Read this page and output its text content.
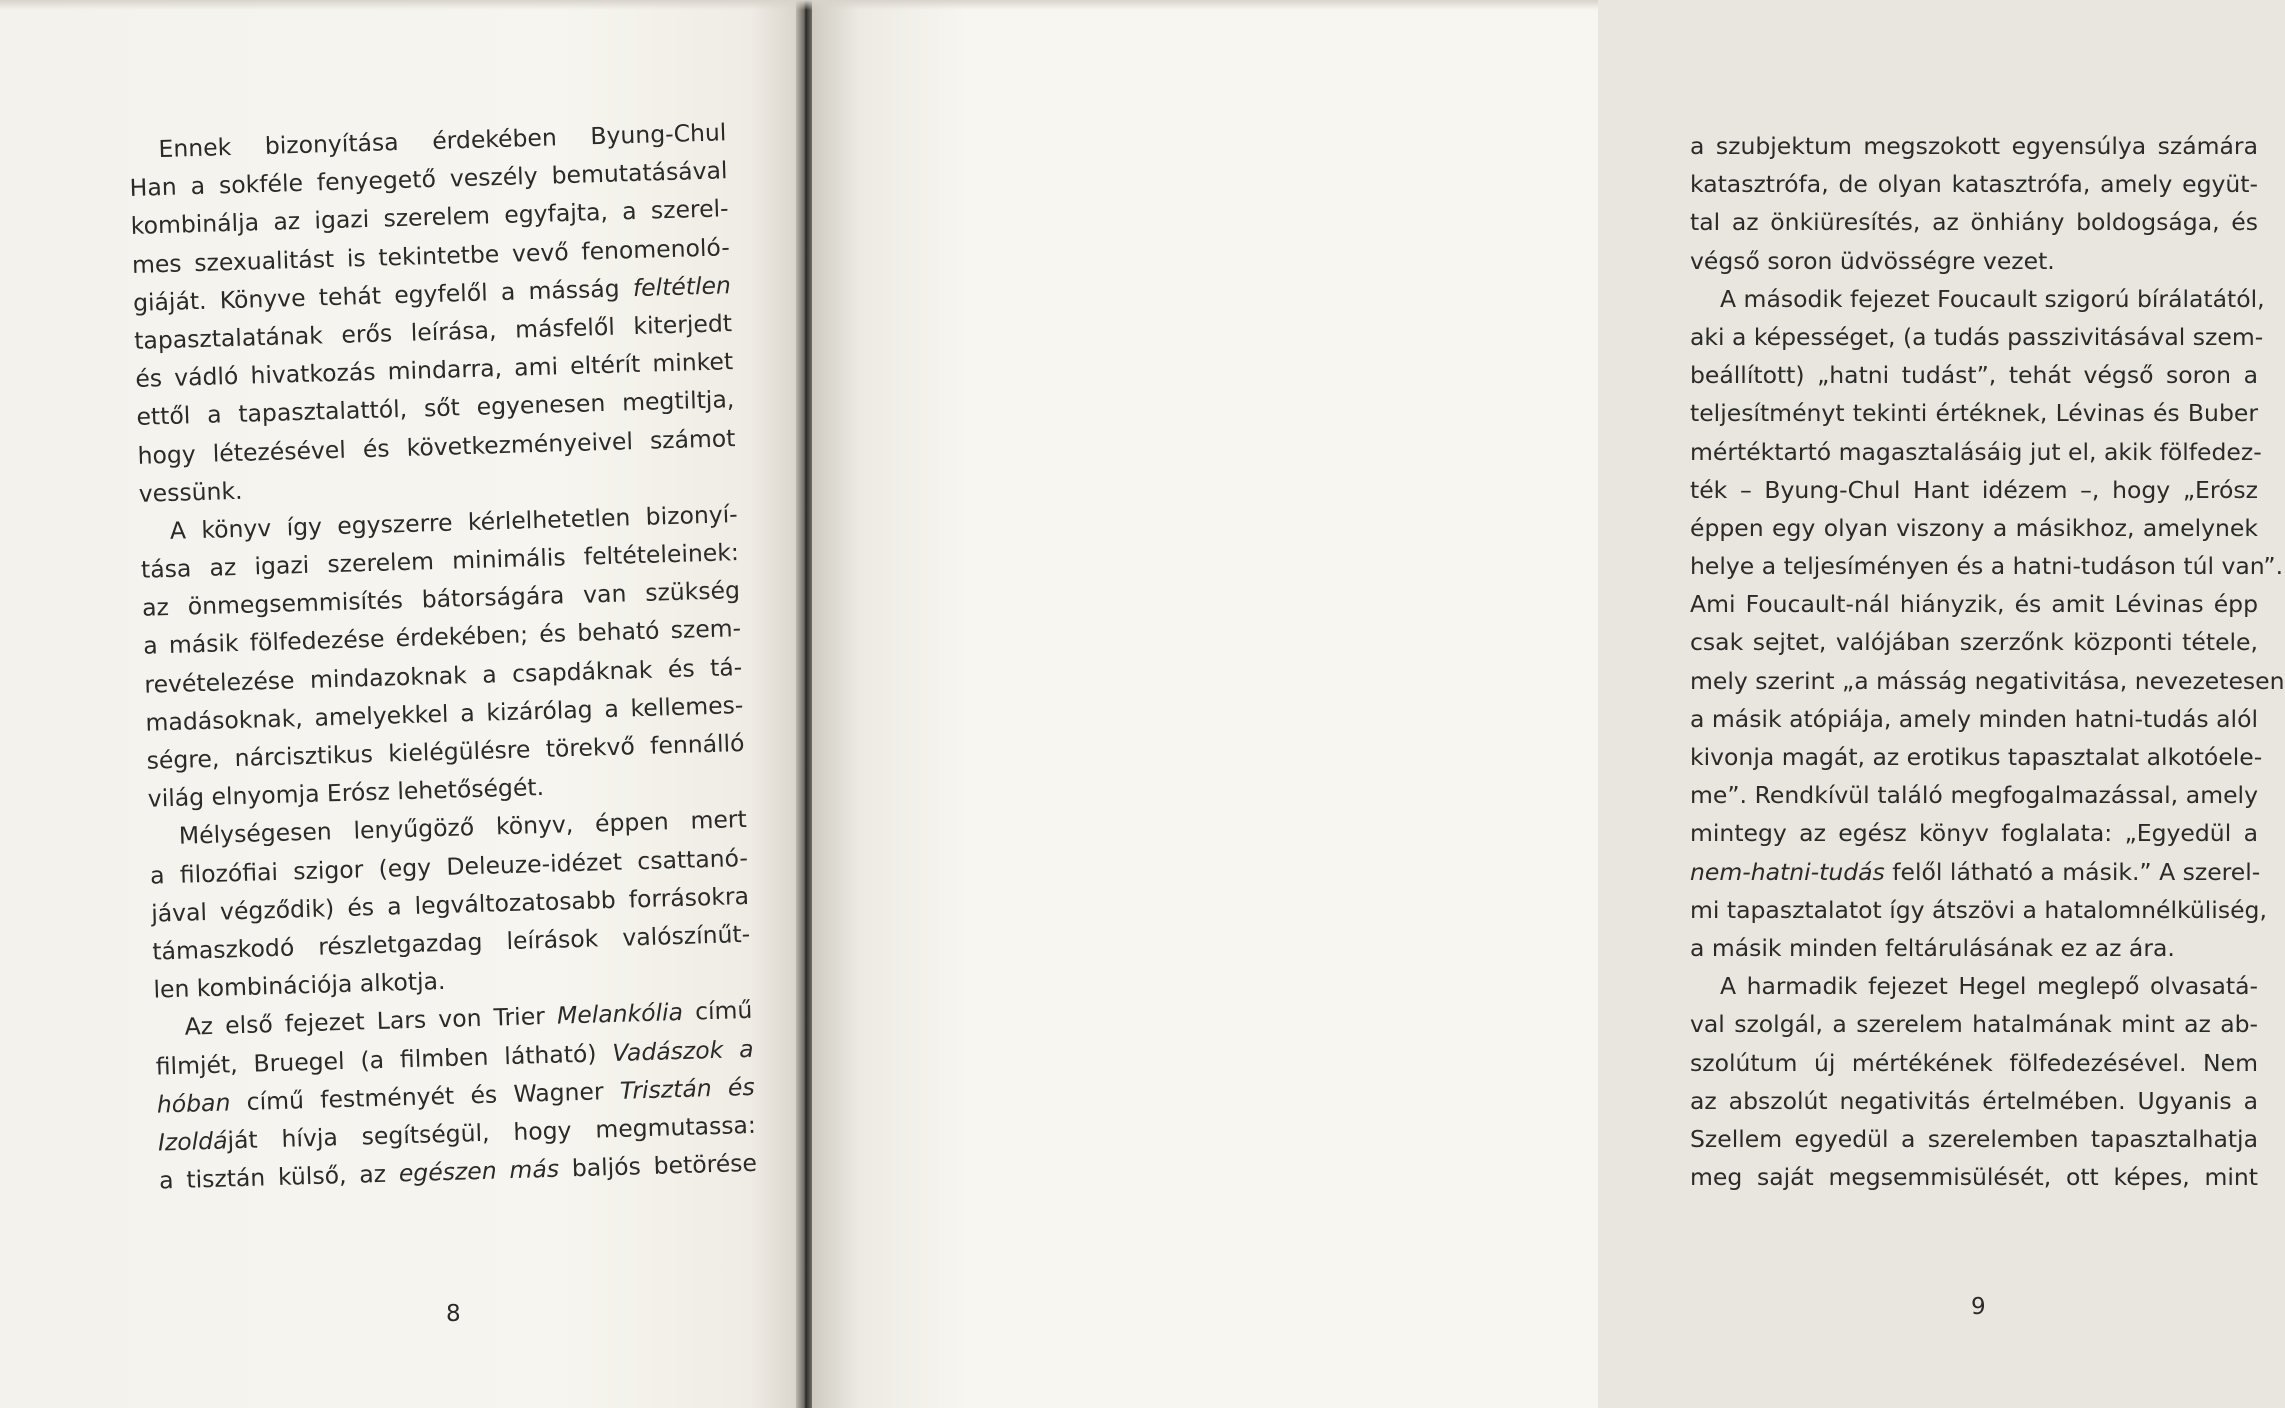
Ennek bizonyítása érdekében Byung-Chul
Han a sokféle fenyegető veszély bemutatásával
kombinálja az igazi szerelem egyfajta, a szerel-
mes szexualitást is tekintetbe vevő fenomenoló-
giáját. Könyve tehát egyfelől a másság feltétlen
tapasztalatának erős leírása, másfelől kiterjedt
és vádló hivatkozás mindarra, ami eltérít minket
ettől a tapasztalattól, sőt egyenesen megtiltja,
hogy létezésével és következményeivel számot
vessünk.
A könyv így egyszerre kérlelhetetlen bizonyí-
tása az igazi szerelem minimális feltételeinek:
az önmegsemmisítés bátorságára van szükség
a másik fölfedezése érdekében; és beható szem-
revételezése mindazoknak a csapdáknak és tá-
madásoknak, amelyekkel a kizárólag a kellemes-
ségre, nárcisztikus kielégülésre törekvő fennálló
világ elnyomja Erósz lehetőségét.
Mélységesen lenyűgöző könyv, éppen mert
a filozófiai szigor (egy Deleuze-idézet csattanó-
jával végződik) és a legváltozatosabb forrásokra
támaszkodó részletgazdag leírások valószínűt-
len kombinációja alkotja.
Az első fejezet Lars von Trier Melankólia című
filmjét, Bruegel (a filmben látható) Vadászok a
hóban című festményét és Wagner Trisztán és
Izoldáját hívja segítségül, hogy megmutassa:
a tisztán külső, az egészen más baljós betörése
8
a szubjektum megszokott egyensúlya számára
katasztrófa, de olyan katasztrófa, amely együt-
tal az önkiüresítés, az önhiány boldogsága, és
végső soron üdvösségre vezet.
A második fejezet Foucault szigorú bírálatától,
aki a képességet, (a tudás passzivitásával szem-
beállított) „hatni tudást”, tehát végső soron a
teljesítményt tekinti értéknek, Lévinas és Buber
mértéktartó magasztalásáig jut el, akik fölfedez-
ték – Byung-Chul Hant idézem –, hogy „Erósz
éppen egy olyan viszony a másikhoz, amelynek
helye a teljesíményen és a hatni-tudáson túl van”.
Ami Foucault-nál hiányzik, és amit Lévinas épp
csak sejtet, valójában szerzőnk központi tétele,
mely szerint „a másság negativitása, nevezetesen
a másik atópiája, amely minden hatni-tudás alól
kivonja magát, az erotikus tapasztalat alkotóele-
me”. Rendkívül találó megfogalmazással, amely
mintegy az egész könyv foglalata: „Egyedül a
nem-hatni-tudás felől látható a másik.” A szerel-
mi tapasztalatot így átszövi a hatalomnélküliség,
a másik minden feltárulásának ez az ára.
A harmadik fejezet Hegel meglepő olvasatá-
val szolgál, a szerelem hatalmának mint az ab-
szolútum új mértékének fölfedezésével. Nem
az abszolút negativitás értelmében. Ugyanis a
Szellem egyedül a szerelemben tapasztalhatja
meg saját megsemmisülését, ott képes, mint
9
